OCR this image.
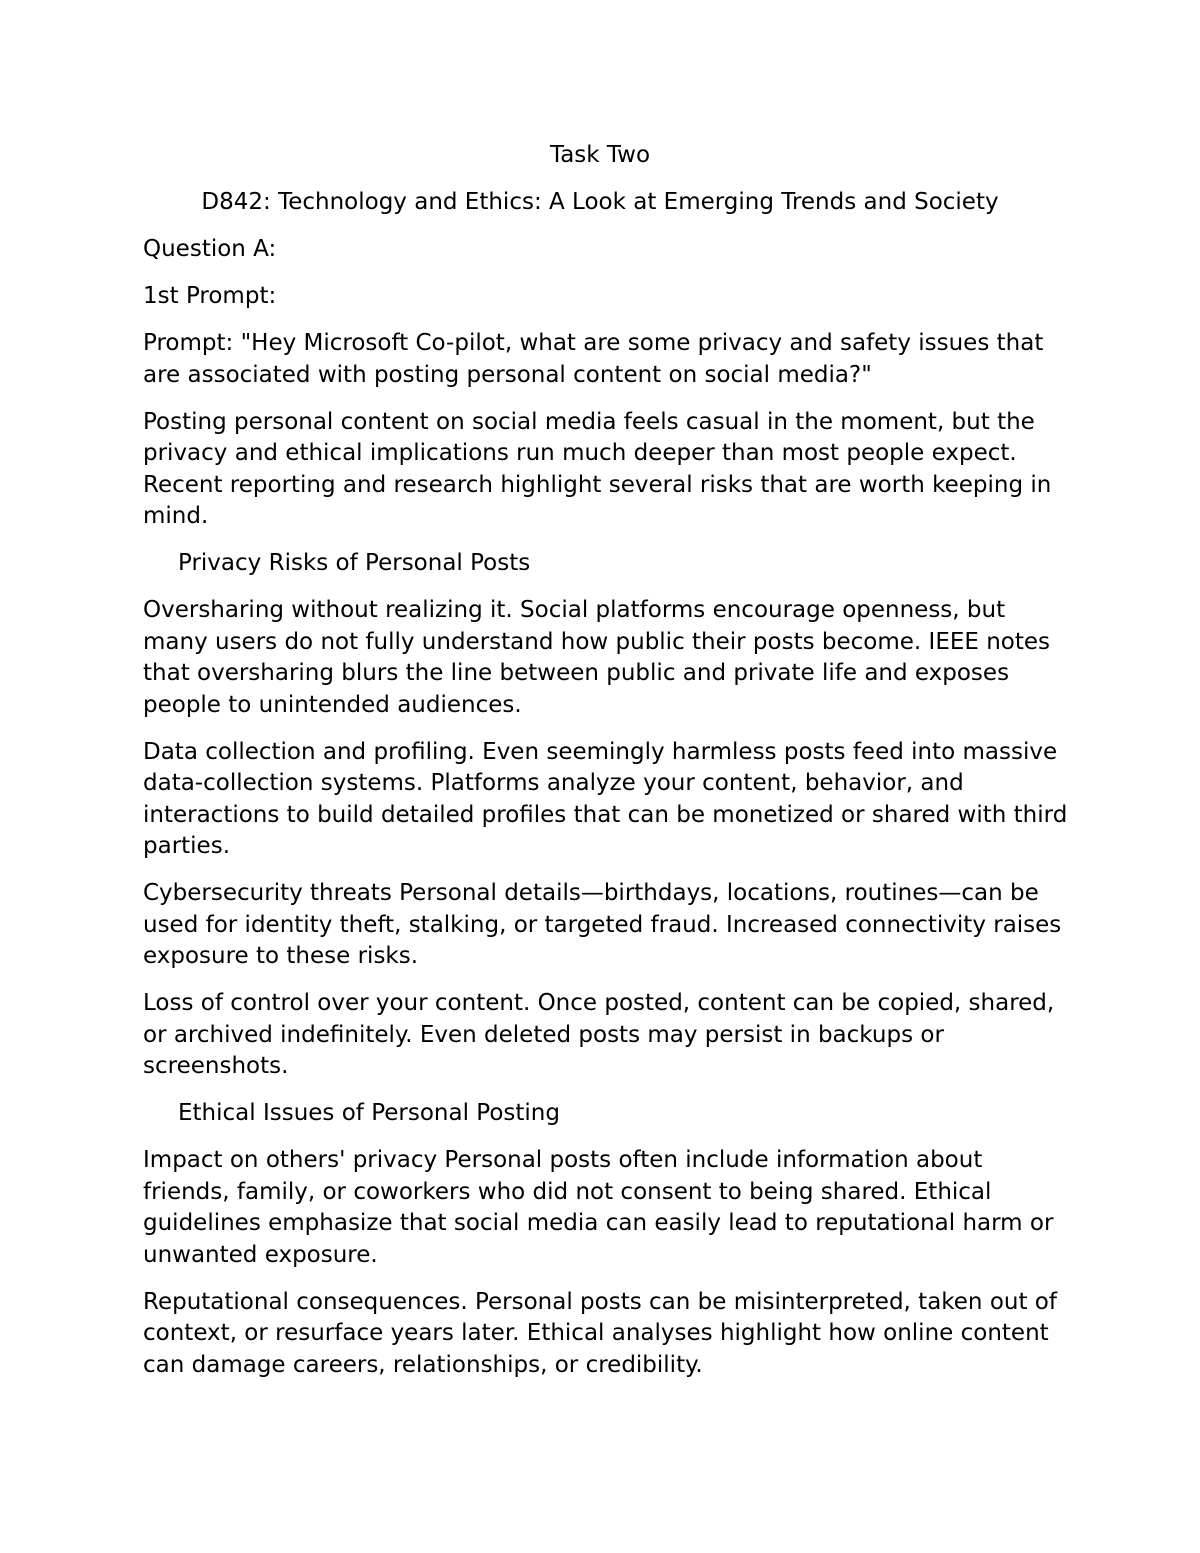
Task Two

D842: Technology and Ethics: A Look at Emerging Trends and Society

Question A:

1st Prompt:

Prompt: "Hey Microsoft Co-pilot, what are some privacy and safety issues that are associated with posting personal content on social media?"

Posting personal content on social media feels casual in the moment, but the privacy and ethical implications run much deeper than most people expect. Recent reporting and research highlight several risks that are worth keeping in mind.

Privacy Risks of Personal Posts

Oversharing without realizing it. Social platforms encourage openness, but many users do not fully understand how public their posts become. IEEE notes that oversharing blurs the line between public and private life and exposes people to unintended audiences.

Data collection and profiling. Even seemingly harmless posts feed into massive data-collection systems. Platforms analyze your content, behavior, and interactions to build detailed profiles that can be monetized or shared with third parties.

Cybersecurity threats Personal details—birthdays, locations, routines—can be used for identity theft, stalking, or targeted fraud. Increased connectivity raises exposure to these risks.

Loss of control over your content. Once posted, content can be copied, shared, or archived indefinitely. Even deleted posts may persist in backups or screenshots.

Ethical Issues of Personal Posting

Impact on others' privacy Personal posts often include information about friends, family, or coworkers who did not consent to being shared. Ethical guidelines emphasize that social media can easily lead to reputational harm or unwanted exposure.

Reputational consequences. Personal posts can be misinterpreted, taken out of context, or resurface years later. Ethical analyses highlight how online content can damage careers, relationships, or credibility.
